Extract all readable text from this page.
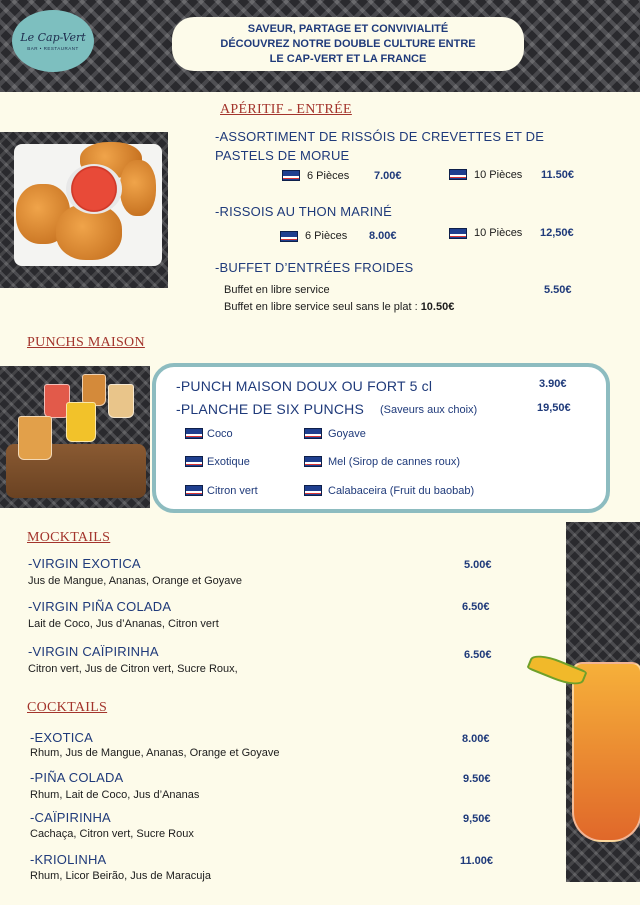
Le Cap-Vert
BAR • RESTAURANT
SAVEUR, PARTAGE ET CONVIVIALITÉ
DÉCOUVREZ NOTRE DOUBLE CULTURE ENTRE
LE CAP-VERT ET LA FRANCE
APÉRITIF - ENTRÉE
-ASSORTIMENT DE RISSÓIS DE CREVETTES ET DE
PASTELS DE MORUE
6 Pièces 7.00€	10 Pièces 11.50€
-RISSOIS AU THON MARINÉ
6 Pièces 8.00€	10 Pièces 12,50€
-BUFFET D’ENTRÉES FROIDES
Buffet en libre service	5.50€
Buffet en libre service seul sans le plat : 10.50€
PUNCHS MAISON
-PUNCH MAISON DOUX OU FORT 5 cl	3.90€
-PLANCHE DE SIX PUNCHS (Saveurs aux choix)	19,50€
Coco	Goyave
Exotique	Mel (Sirop de cannes roux)
Citron vert	Calabaceira (Fruit du baobab)
MOCKTAILS
-VIRGIN EXOTICA
Jus de Mangue, Ananas, Orange et Goyave
5.00€
-VIRGIN PIÑA COLADA
Lait de Coco, Jus d’Ananas, Citron vert
6.50€
-VIRGIN CAÏPIRINHA
Citron vert, Jus de Citron vert, Sucre Roux,
6.50€
COCKTAILS
-EXOTICA
Rhum, Jus de Mangue, Ananas, Orange et Goyave
8.00€
-PIÑA COLADA
Rhum, Lait de Coco, Jus d’Ananas
9.50€
-CAÏPIRINHA
Cachaça, Citron vert, Sucre Roux
9,50€
-KRIOLINHA
Rhum, Licor Beirão, Jus de Maracuja
11.00€
